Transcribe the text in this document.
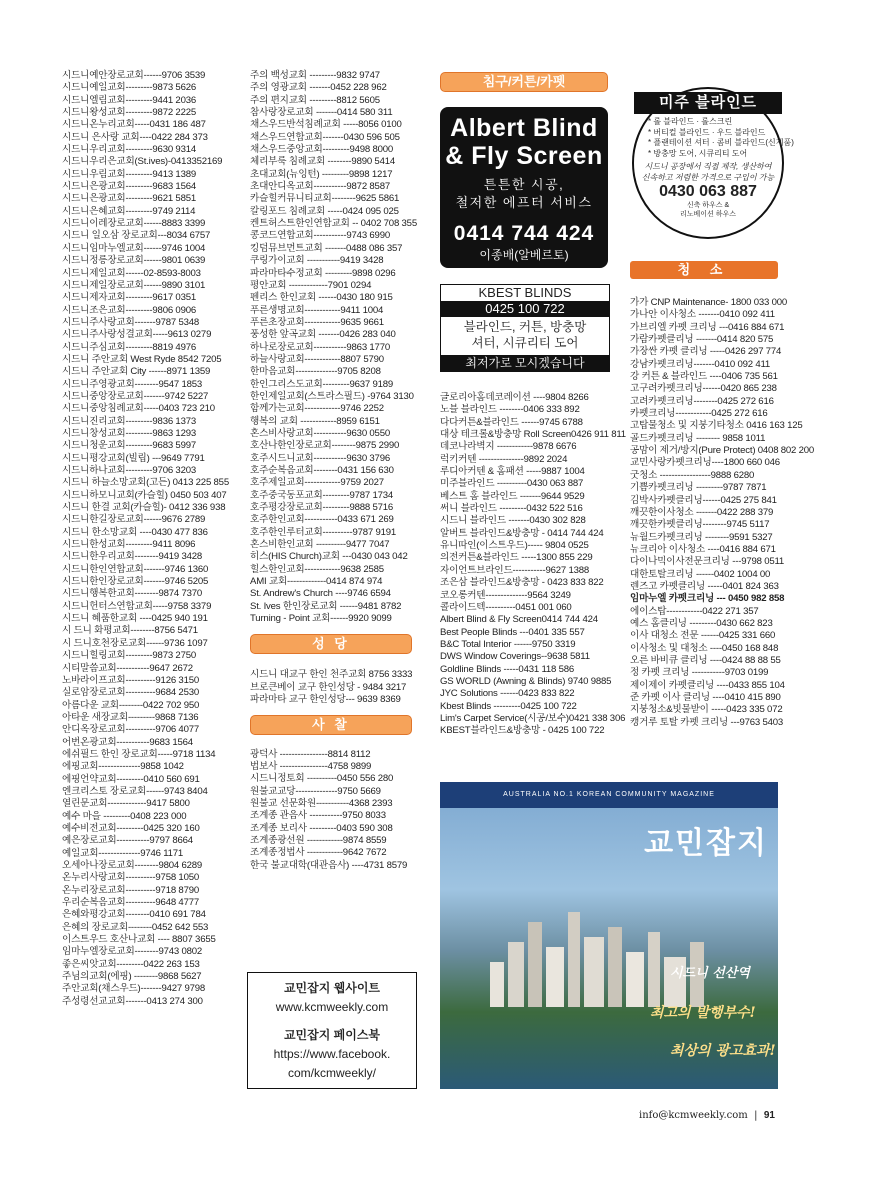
시드니예안장로교회------9706 3539
시드니예일교회---------9873 5626
시드니엘림교회---------9441 2036
시드니왕성교회---------9872 2225
시드니온누리교회-----0431 186 487
시드니 은사랑 교회----0422 284 373
시드니우리교회---------9630 9314
시드니우리은교회(St.ives)-0413352169
시드니우림교회---------9413 1389
시드니은광교회---------9683 1564
시드니은광교회---------9621 5851
시드니은혜교회---------9749 2114
시드니이레장로교회------8883 3399
시드니 일오삼 장로교회---8034 6757
시드니임마누엘교회------9746 1004
시드니정릉장로교회------9801 0639
시드니제일교회------02-8593-8003
시드니제일장로교회------9890 3101
시드니제자교회---------9617 0351
시드니조은교회---------9806 0906
시드니주사랑교회-------9787 5348
시드니주사랑성결교회-----9613 0279
시드니주심교회---------8819 4976
시드니 주안교회 West Ryde 8542 7205
시드니 주안교회 City ------8971 1359
시드니주영광교회--------9547 1853
시드니중앙장로교회-------9742 5227
시드니중앙침례교회-----0403 723 210
시드니진리교회---------9836 1373
시드니창성교회---------9863 1293
시드니청운교회---------9683 5997
시드니평강교회(빌립) ---9649 7791
시드니하나교회---------9706 3203
시드니 하늘소망교회(고든) 0413 225 855
시드니하모니교회(카슬힐) 0450 503 407
시드니 한결 교회(카슬힐)- 0412 336 938
시드니한길장로교회------9676 2789
시드니 한소망교회 ----0430 477 836
시드니한성교회---------9411 8096
시드니한우리교회--------9419 3428
시드니한인연합교회-------9746 1360
시드니한인장로교회-------9746 5205
시드니행복한교회--------9874 7370
시드니헌터스연합교회-----9758 3379
시드니 혜품한교회 ----0425 940 191
시 드니 화평교회--------8756 5471
시 드니호천장로교회------9736 1097
시드니힐링교회---------9873 2750
시티말씀교회-----------9647 2672
노바라이프교회----------9126 3150
실로암장로교회----------9684 2530
아름다운 교회--------0422 702 950
아타운 새장교회---------9868 7136
안디옥장로교회----------9706 4077
어번온광교회-----------9683 1564
에쉬필드 한인 장로교회-----9718 1134
에핑교회--------------9858 1042
에핑언약교회---------0410 560 691
엔크리스토 장로교회------9743 8404
열린문교회-------------9417 5800
예수 마을 ---------0408 223 000
예수비전교회---------0425 320 160
예은장로교회-----------9797 8664
예일교회--------------9746 1171
오세아나장로교회--------9804 6289
온누리사랑교회----------9758 1050
온누리장로교회----------9718 8790
우리순복음교회----------9648 4777
은혜와평강교회--------0410 691 784
은혜의 장로교회--------0452 642 553
이스트우드 호산나교회 ---- 8807 3655
임마누엘장로교회--------9743 0802
좋은씨앗교회---------0422 263 153
주님의교회(에핑) --------9868 5627
주안교회(채스우드)-------9427 9798
주성령선교교회-------0413 274 300
주의 백성교회 ---------9832 9747
주의 영광교회 -------0452 228 962
주의 편지교회 ---------8812 5605
참사랑장로교회 -------0414 580 311
채스우드반석침례교회 -----8056 0100
채스우드연합교회-------0430 596 505
채스우드중앙교회---------9498 8000
체리부룩 침례교회 --------9890 5414
초대교회(뉴잉턴) ---------9898 1217
초대안디옥교회-----------9872 8587
카슬힐커뮤니티교회--------9625 5861
칼링포드 침례교회 -----0424 095 025
켄트허스트한인연합교회 -- 0402 708 355
콩코드연합교회-----------9743 6990
킹덤뮤브먼트교회 -------0488 086 357
쿠링가이교회 -----------9419 3428
파라마타수정교회 ---------9898 0296
평안교회 -------------7901 0294
펜리스 한인교회 ------0430 180 915
푸른생명교회------------9411 1004
푸른초장교회------------9635 9661
풍성한 앞곡교회 -------0426 283 040
하나로장로교회-----------9863 1770
하늘사랑교회------------8807 5790
한마음교회--------------9705 8208
한인그리스도교회---------9637 9189
한인제일교회(스트라스필드) -9764 3130
함께가는교회------------9746 2252
행복의 교회 ------------8959 6151
혼스비사랑교회-----------9630 0550
호산나한인장로교회--------9875 2990
호주시드니교회-----------9630 3796
호주순복음교회--------0431 156 630
호주제일교회------------9759 2027
호주중국동포교회---------9787 1734
호주평강장로교회---------9888 5716
호주한인교회-----------0433 671 269
호주한인루터교회----------9787 9191
혼스비한인교회 ----------9477 7047
히스(HIS Church)교회 ---0430 043 042
힐스한인교회------------9638 2585
AMI 교회-------------0414 874 974
St. Andrew's Church ----9746 6594
St. Ives 한인장로교회 ------9481 8782
Turning - Point 교회------9920 9099
성 당
시드니 대교구 한인 천주교회 8756 3333
브로큰베이 교구 한인성당 - 9484 3217
파라마타 교구 한인성당--- 9639 8369
사 찰
광덕사 ----------------8814 8112
법보사 ----------------4758 9899
시드니정토회 ----------0450 556 280
원불교교당--------------9750 5669
원불교 선문화원-----------4368 2393
조계종 관음사 -----------9750 8033
조계종 보리사 ---------0403 590 308
조계종광선원 ------------9874 8559
조계종정법사 ------------9642 7672
한국 불교대학(대관음사) ----4731 8579
침구/커튼/카펫
Albert Blind
& Fly Screen
튼튼한 시공,
철저한 에프터 서비스
0414 744 424
이종배(알베르토)
미주 블라인드
* 롤 블라인드 · 롤스크린
* 버티컬 블라인드 · 우드 블라인드
* 플랜테이션 셔터 · 콤비 블라인드(신제품)
* 방충망 도어, 시큐리티 도어
시드니 공장에서 직접 제작, 생산하여
신속하고 저렴한 가격으로 구입이 가능
0430 063 887
신축 하우스 &
리노베이션 하우스
청 소
KBEST BLINDS
0425 100 722
블라인드, 커튼, 방충망
셔터, 시큐리티 도어
최저가로 모시겠습니다
글로리아홈데코레이션 ----9804 8266
노블 블라인드 --------0406 333 892
다다커튼&블라인드 ------9745 6788
대상 테크롤&방충망 Roll Screen0426 911 811
데코나라벽지 ------------9878 6676
럭키커텐 ---------------9892 2024
루디아커텐 & 홈패션 -----9887 1004
미주블라인드 ----------0430 063 887
베스트 홈 블라인드 -------9644 9529
써니 블라인드 ---------0432 522 516
시드니 블라인드 -------0430 302 828
알버트 블라인드&방충망 - 0414 744 424
유니따인(이스트우드)----- 9804 0525
의전커튼&블라인드 -----1300 855 229
자이언트브라인드-----------9627 1388
조은삼 블라인드&방충망 - 0423 833 822
코오롱커텐--------------9564 3249
콜라이드텍----------0451 001 060
Albert Blind & Fly Screen0414 744 424
Best People Blinds ---0401 335 557
B&C Total Interior ------9750 3319
DWS Window Coverings--9638 5811
Goldline Blinds -----0431 118 586
GS WORLD (Awning & Blinds) 9740 9885
JYC Solutions ------0423 833 822
Kbest Blinds ---------0425 100 722
Lim's Carpet Service(시공/보수)0421 338 306
KBEST블라인드&방충망 - 0425 100 722
가가 CNP Maintenance- 1800 033 000
가나안 이사청소 -------0410 092 411
가브리엘 카펫 크리닝 ---0416 884 671
가람카펫클리닝 -------0414 820 575
가장싼 카펫 클리닝 -----0426 297 774
강남카펫크리닝-------0410 092 411
강 커튼 & 블라인드 ----0406 735 561
고구려카펫크리닝------0420 865 238
고려카펫크리닝--------0425 272 616
카펫크리닝------------0425 272 616
고탑물청소 및 지붕기타청소 0416 163 125
골드카펫크리닝 -------- 9858 1011
공맘이 제거/방지(Pure Protect) 0408 802 200
교민사랑카펫크리닝----1800 660 046
굿청소 -----------------9888 6280
기쁨카펫크리닝 ---------9787 7871
김박사카펫클리닝------0425 275 841
깨끗한이사청소 -------0422 288 379
깨끗한카펫클리닝--------9745 5117
뉴월드카펫크리닝 --------9591 5327
뉴크리아 이사청소 ----0416 884 671
다이나믹이사전문크리닝 ---9798 0511
대한토탈크리닝 ------0402 1004 00
렌즈고 카펫클리닝 -----0401 824 363
임마누엘 카펫크리닝 --- 0450 982 858
에이스탑------------0422 271 357
예스 홈클리닝 ---------0430 662 823
이사 대청소 전문 ------0425 331 660
이사청소 및 대청소 ----0450 168 848
오른 바비큐 클리닝 ----0424 88 88 55
정 카펫 크리닝 -----------9703 0199
제이제이 카펫클리닝 ----0433 855 104
준 카펫 이사 클리닝 ----0410 415 890
지붕청소&빗물받이 -----0423 335 072
캥거루 토탈 카펫 크리닝 ---9763 5403
교민잡지 웹사이트
www.kcmweekly.com
교민잡지 페이스북
https://www.facebook.
com/kcmweekly/
AUSTRALIA NO.1 KOREAN COMMUNITY MAGAZINE
교민잡지
시드니 선산역
최고의 발행부수!
최상의 광고효과!
info@kcmweekly.com  |  91
